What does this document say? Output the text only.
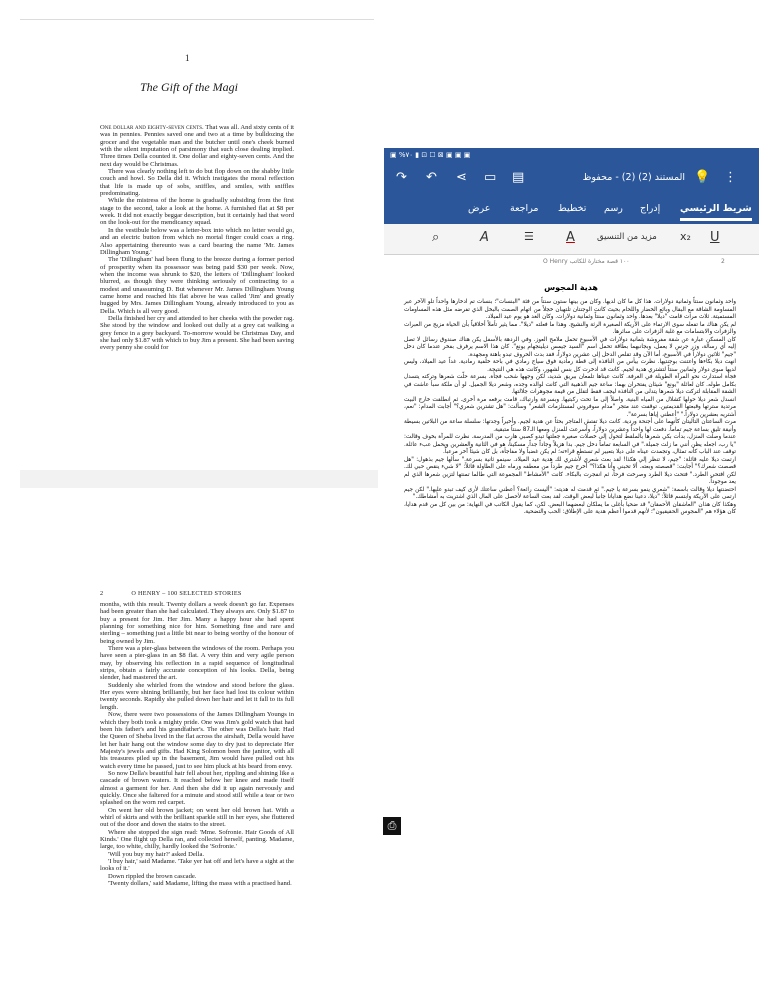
1
The Gift of the Magi

One dollar and eighty-seven cents. That was all. And sixty cents of it was in pennies. Pennies saved one and two at a time by bulldozing the grocer and the vegetable man and the butcher until one's cheek burned with the silent imputation of parsimony that such close dealing implied. Three times Della counted it. One dollar and eighty-seven cents. And the next day would be Christmas.

There was clearly nothing left to do but flop down on the shabby little couch and howl. So Della did it. Which instigates the moral reflection that life is made up of sobs, sniffles, and smiles, with sniffles predominating.

While the mistress of the home is gradually subsiding from the first stage to the second, take a look at the home. A furnished flat at $8 per week. It did not exactly beggar description, but it certainly had that word on the look-out for the mendicancy squad.

In the vestibule below was a letter-box into which no letter would go, and an electric button from which no mortal finger could coax a ring. Also appertaining thereunto was a card bearing the name 'Mr. James Dillingham Young.'

The 'Dillingham' had been flung to the breeze during a former period of prosperity when its possessor was being paid $30 per week. Now, when the income was shrunk to $20, the letters of 'Dillingham' looked blurred, as though they were thinking seriously of contracting to a modest and unassuming D. But whenever Mr. James Dillingham Young came home and reached his flat above he was called 'Jim' and greatly hugged by Mrs. James Dillingham Young, already introduced to you as Della. Which is all very good.

Della finished her cry and attended to her cheeks with the powder rag. She stood by the window and looked out dully at a grey cat walking a grey fence in a grey backyard. To-morrow would be Christmas Day, and she had only $1.87 with which to buy Jim a present. She had been saving every penny she could for

2	O HENRY – 100 SELECTED STORIES

months, with this result. Twenty dollars a week doesn't go far. Expenses had been greater than she had calculated. They always are. Only $1.87 to buy a present for Jim. Her Jim. Many a happy hour she had spent planning for something nice for him. Something fine and rare and sterling – something just a little bit near to being worthy of the honour of being owned by Jim.

There was a pier-glass between the windows of the room. Perhaps you have seen a pier-glass in an $8 flat. A very thin and very agile person may, by observing his reflection in a rapid sequence of longitudinal strips, obtain a fairly accurate conception of his looks. Della, being slender, had mastered the art.

Suddenly she whirled from the window and stood before the glass. Her eyes were shining brilliantly, but her face had lost its colour within twenty seconds. Rapidly she pulled down her hair and let it fall to its full length.

Now, there were two possessions of the James Dillingham Youngs in which they both took a mighty pride. One was Jim's gold watch that had been his father's and his grandfather's. The other was Della's hair. Had the Queen of Sheba lived in the flat across the airshaft, Della would have let her hair hang out the window some day to dry just to depreciate Her Majesty's jewels and gifts. Had King Solomon been the janitor, with all his treasures piled up in the basement, Jim would have pulled out his watch every time he passed, just to see him pluck at his beard from envy.

So now Della's beautiful hair fell about her, rippling and shining like a cascade of brown waters. It reached below her knee and made itself almost a garment for her. And then she did it up again nervously and quickly. Once she faltered for a minute and stood still while a tear or two splashed on the worn red carpet.

On went her old brown jacket; on went her old brown hat. With a whirl of skirts and with the brilliant sparkle still in her eyes, she fluttered out of the door and down the stairs to the street.

Where she stopped the sign read: 'Mme. Sofronie. Hair Goods of All Kinds.' One flight up Della ran, and collected herself, panting. Madame, large, too white, chilly, hardly looked the 'Sofronie.'

'Will you buy my hair?' asked Della.

'I buy hair,' said Madame. 'Take yer hat off and let's have a sight at the looks of it.'

Down rippled the brown cascade.

'Twenty dollars,' said Madame, lifting the mass with a practised hand.

▣ %٧٠ ▮ ⊡ ☐ ⊠ ▣ ▣ ▣
↷ ↶ ⋖ ▭ ▤	المستند (2) (2) - محفوظ 💡 ⋮
عرض مراجعة تخطيط رسم إدراج شريط الرئيسي
⌕	A	☰ A	مزيد من التنسيق x₂ U
2
١٠٠ قصة مختارة للكاتب O Henry
هدية المجوس

واحد وثمانون سنتاً وثمانية دولارات. هذا كل ما كان لديها. وكان من بينها ستون سنتاً من فئة "البنسات"؛ بنسات تم ادخارها واحداً تلو الآخر عبر المساومة الشاقة مع البقال وبائع الخضار واللحام بحيث كانت الوجنتان تلتهبان خجلاً من اتهام الصمت بالبخل الذي تفرضه مثل هذه المساومات المستميتة. ثلاث مرات قامت "ديلا" بعدها. واحد وثمانون سنتاً وثمانية دولارات. وكان الغد هو يوم عيد الميلاد.

لم يكن هناك ما تفعله سوى الارتماء على الأريكة الصغيرة الرثة والنشيج. وهذا ما فعلته "ديلا". مما يثير تأملاً أخلاقياً بأن الحياة مزيج من العبرات والزفرات والابتسامات مع غلبة الزفرات على سائرها.

كان المسكن عبارة عن شقة مفروشة بثمانية دولارات في الأسبوع تحمل ملامح العوز. وفي الردهة بالأسفل يكن هناك صندوق رسائل لا تصل إليه أي رسالة، وزر جرس لا يعمل، وبجانبهما بطاقة تحمل اسم "السيد جيمس ديلينجهام يونغ". كان هذا الاسم يرفرف بفخر عندما كان دخل "جيم" ثلاثين دولاراً في الأسبوع، أما الآن وقد تقلص الدخل إلى عشرين دولاراً، فقد بدت الحروف تبدو باهتة ومجهدة.

انهت ديلا بكاءها واعتنت بوجنتيها. نظرت بيأس من النافذة إلى قطة رمادية فوق سياج رمادي في باحة خلفية رمادية. غداً عيد الميلاد، وليس لديها سوى دولار وثمانين سنتاً لتشتري هدية لجيم. كانت قد ادخرت كل بنس لشهور، وكانت هذه هي النتيجة.

فجأة استدارت نحو المرآة الطويلة في الغرفة. كانت عيناها تلمعان ببريق شديد، لكن وجهها شحب فجأة. بسرعة حلّت شعرها وتركته يتسدل بكامل طوله. كان لعائلة "يونغ" شيئان يفتخران بهما: ساعة جيم الذهبية التي كانت لوالده وجده، وشعر ديلا الجميل. لو أن ملكة سبأ عاشت في الشقة المقابلة لتركت ديلا شعرها يتدلى من النافذة ليجف فقط لتقلل من قيمة مجوهرات جلالتها.

انسدل شعر ديلا حولها كشلال من المياه البنية. واصلاً إلى ما تحت ركبتيها. وبسرعة وارتباك، قامت برفعه مرة أخرى. ثم انطلقت خارج البيت مرتدية سترتها وقبعتها القديمتين. توقفت عند متجر "مدام سوفروني لمستلزمات الشعر" وسألت: "هل تشترين شعري؟" أجابت المدام: "نعم، أشتريه بعشرين دولاراً." "أعطني إياها بسرعة".

مرت الساعتان التاليتان كأنهما على أجنحة وردية. كانت ديلا تفتش المتاجر بحثاً عن هدية لجيم. وأخيراً وجدتها: سلسلة ساعة من البلاتين بسيطة وأنيقة تليق بساعة جيم تماماً. دفعت لها واحداً وعشرين دولاراً، وأسرعت للمنزل ومعها الـ87 سنتاً متبقية.

عندما وصلت المنزل، بدأت بكي شعرها بالملقط لتحول إلى خصلات صغيرة جعلتها تبدو كصبي هارب من المدرسة. نظرت للمرآة بخوف وقالت: "يا رب، اجعله يظن أنني ما زلت جميلة." في السابعة تماماً دخل جيم. بدا هزيلاً وجاداً جداً. مسكيناً، هو في الثانية والعشرين ويحمل عبء عائلة. توقف عند الباب كأنه تمثال، وتجمدت عيناه على ديلا بتعبير لم تستطع قراءته؛ لم يكن غضباً ولا مفاجأة، بل كان شيئاً آخر مرعباً.

ارتمت ديلا عليه قائلة: "جيم، لا تنظر إلي هكذا! لقد بعت شعري لأشتري لك هدية عيد الميلاد. سينمو ثانية بسرعة." سألها جيم بذهول: "هل قصصت شعرك؟" أجابت: "قصصته وبعته. ألا تحبني وأنا هكذا؟" أخرج جيم طرداً من معطفه ورماه على الطاولة قائلاً: "لا شيء ينقص حبي لك. لكن افتحي الطرد." فتحت ديلا الطرد وصرخت فرحاً، ثم انفجرت بالبكاء. كانت "الأمشاط" المجموعة التي طالما تمنتها لتزين شعرها الذي لم يعد موجوداً.

احتضنتها ديلا وقالت باسمة: "شعري ينمو بسرعة يا جيم." ثم قدمت له هديته: "أليست رائعة؟ أعطني ساعتك لأرى كيف تبدو عليها." لكن جيم ارتمى على الأريكة وابتسم قائلاً: "ديلا، دعينا نضع هدايانا جانباً لبعض الوقت. لقد بعت الساعة لأحصل على المال الذي اشتريت به أمشاطك."

وهكذا كان هذان "العاشقان الأحمقان" قد ضحيا بأغلى ما يملكان لبعضهما البعض. لكن، كما يقول الكاتب في النهاية: من بين كل من قدم هدايا، كان هؤلاء هم "المجوس الحقيقيون"؛ لأنهم قدموا أعظم هدية على الإطلاق: الحب والتضحية.

⎙
